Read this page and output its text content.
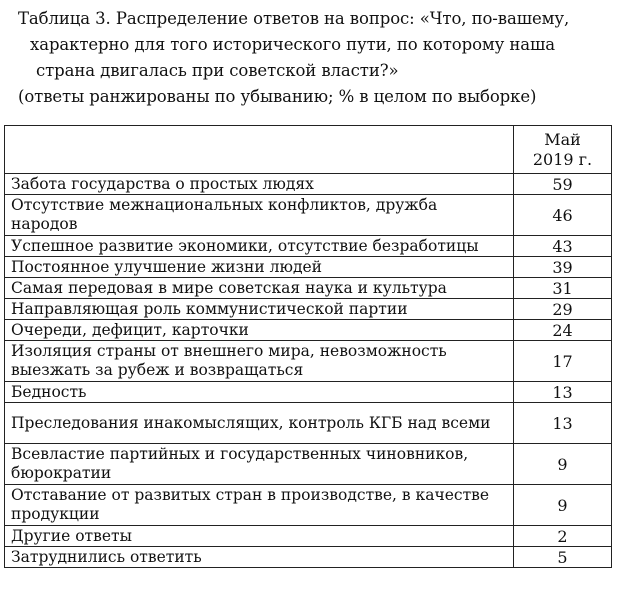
Таблица 3. Распределение ответов на вопрос: «Что, по-вашему,
характерно для того исторического пути, по которому наша
страна двигалась при советской власти?»
(ответы ранжированы по убыванию; % в целом по выборке)

	Май
2019 г.

Забота государства о простых людях	59
Отсутствие межнациональных конфликтов, дружба народов	46
Успешное развитие экономики, отсутствие безработицы	43
Постоянное улучшение жизни людей	39
Самая передовая в мире советская наука и культура	31
Направляющая роль коммунистической партии	29
Очереди, дефицит, карточки	24
Изоляция страны от внешнего мира, невозможность выезжать за рубеж и возвращаться	17
Бедность	13
Преследования инакомыслящих, контроль КГБ над всеми	13
Всевластие партийных и государственных чиновников, бюрократии	9
Отставание от развитых стран в производстве, в качестве продукции	9
Другие ответы	2
Затруднились ответить	5
